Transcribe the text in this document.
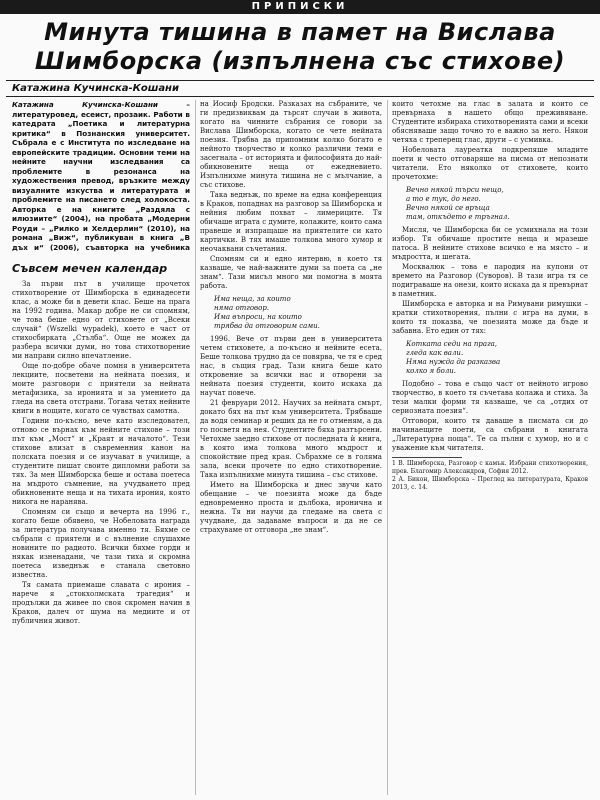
ПРИПИСКИ
Минута тишина в памет на Вислава
Шимборска (изпълнена със стихове)
Катажина Кучинска-Кошани
Катажина Кучинска-Кошани	– литературовед, есеист, прозаик. Работи в катедрата „Поетика и литературна критика“ в Познанския университет. Събрала е с Института по изследване на европейските традиции. Основни теми на нейните научни изследвания са проблемите в резонанса на художествения превод, връзките между визуалните изкуства и литературата и проблемите на писането след холокоста. Авторка е на книгите „Раздяла с илюзиите“ (2004), на пробата „Модерни Роуди – „Рилко и Хелдерлин“ (2010), на романа „Виж“, публикуван в книга „В дъх и“ (2006), съавторка на учебника
Съвсем мечен календар

За първи път в училище прочетох стихотворение от Шимборска в единадесети клас, а може би в девети клас. Беше на прага на 1992 година. Макар добре не си спомням, че това беше едно от стиховете от „Всеки случай“ (Wszelki wypadek), което е част от стихосбирката „Стълба“. Още не можех да разбера всички думи, но това стихотворение ми направи силно впечатление.

Още по-добре обаче помня в университета лекциите, посветени на нейната поезия, и моите разговори с приятели за нейната метафизика, за иронията и за умението да гледа на света отстрани. Тогава четях нейните книги в нощите, когато се чувствах самотна.

Години по-късно, вече като изследовател, отново се върнах към нейните стихове – този път към „Мост“ и „Краят и началото“. Тези стихове влизат в съвременния канон на полската поезия и се изучават в училище, а студентите пишат своите дипломни работи за тях. За мен Шимборска беше и остава поетеса на мъдрото съмнение, на учудването пред обикновените неща и на тихата ирония, която никога не наранява.

Спомням си също и вечерта на 1996 г., когато беше обявено, че Нобеловата награда за литература получава именно тя. Бяхме се събрали с приятели и с вълнение слушахме новините по радиото. Всички бяхме горди и някак изненадани, че тази тиха и скромна поетеса изведнъж е станала световно известна.

Тя самата приемаше славата с ирония – нарече я „стокхолмската трагедия“ и продължи да живее по своя скромен начин в Краков, далеч от шума на медиите и от публичния живот.

на Йосиф Бродски. Разказах на събраните, че ги предизвиквам да търсят случаи в живота, когато на чинните събрания се говори за Вислава Шимборска, когато се чете нейната поезия. Трябва да припомним колко богато е нейното творчество и колко различни теми е засегнала – от историята и философията до най-обикновените неща от ежедневието. Изпълнихме минута тишина не с мълчание, а със стихове.

Така веднъж, по време на една конференция в Краков, попаднах на разговор за Шимборска и нейния любим похват – лимериците. Тя обичаше играта с думите, колажите, които сама правеше и изпращаше на приятелите си като картички. В тях имаше толкова много хумор и неочаквани съчетания.

Спомням си и едно интервю, в което тя казваше, че най-важните думи за поета са „не знам“. Тази мисъл много ми помогна в моята работа.

Има неща, за които
няма отговор.
Има въпроси, на които
трябва да отговорим сами.

1996. Вече от първи ден в университета четем стиховете, а по-късно и нейните есета. Беше толкова трудно да се повярва, че тя е сред нас, в същия град. Тази книга беше като откровение за всички нас и отворени за нейната поезия студенти, които искаха да научат повече.

21 февруари 2012. Научих за нейната смърт, докато бях на път към университета. Трябваше да водя семинар и реших да не го отменям, а да го посветя на нея. Студентите бяха разтърсени. Четохме заедно стихове от последната ѝ книга, в която има толкова много мъдрост и спокойствие пред края. Събрахме се в голяма зала, всеки прочете по едно стихотворение. Така изпълнихме минута тишина – със стихове.

Името на Шимборска и днес звучи като обещание – че поезията може да бъде едновременно проста и дълбока, иронична и нежна. Тя ни научи да гледаме на света с учудване, да задаваме въпроси и да не се страхуваме от отговора „не знам“.

които четохме на глас в залата и които се превърнаха в нашето общо преживяване. Студентите избираха стихотворенията сами и всеки обясняваше защо точно то е важно за него. Някои четяха с треперещ глас, други – с усмивка.

Нобеловата лауреатка подкрепяше младите поети и често отговаряше на писма от непознати читатели. Ето няколко от стиховете, които прочетохме:

Вечно някой търси нещо,
а то е тук, до него.
Вечно някой се връща
там, откъдето е тръгнал.

Мисля, че Шимборска би се усмихнала на този избор. Тя обичаше простите неща и мразеше патоса. В нейните стихове всичко е на място – и мъдростта, и шегата.

Москвалюк – това е пародия на купони от времето на Разговор (Суворов). В тази игра тя се подиграваше на онези, които искаха да я превърнат в паметник.

Шимборска е авторка и на Римувани римушки – кратки стихотворения, пълни с игра на думи, в които тя показва, че поезията може да бъде и забавна. Ето един от тях:

Котката седи на прага,
гледа как вали.
Няма нужда да разказва
колко я боли.

Подобно – това е също част от нейното игрово творчество, в което тя съчетава колажа и стиха. За тези малки форми тя казваше, че са „отдих от сериозната поезия“.

Отговори, които тя даваше в писмата си до начинаещите поети, са събрани в книгата „Литературна поща“. Те са пълни с хумор, но и с уважение към читателя.

1 В. Шимборска, Разговор с камък. Избрани стихотворения, прев. Благомир Александров, София 2012.

2 А. Бикон, Шимборска – Преглед на литературата, Краков 2013, с. 14.
